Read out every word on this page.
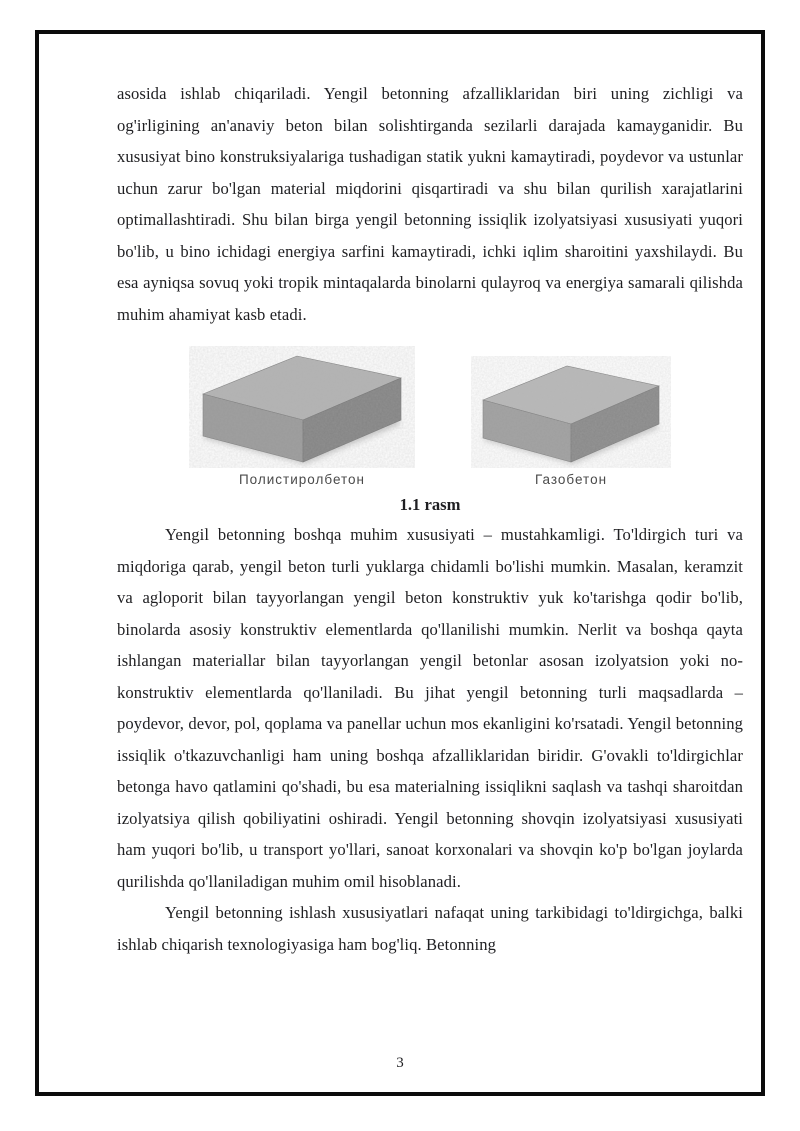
asosida ishlab chiqariladi. Yengil betonning afzalliklaridan biri uning zichligi va og'irligining an'anaviy beton bilan solishtirganda sezilarli darajada kamayganidir. Bu xususiyat bino konstruksiyalariga tushadigan statik yukni kamaytiradi, poydevor va ustunlar uchun zarur bo'lgan material miqdorini qisqartiradi va shu bilan qurilish xarajatlarini optimallashtiradi. Shu bilan birga yengil betonning issiqlik izolyatsiyasi xususiyati yuqori bo'lib, u bino ichidagi energiya sarfini kamaytiradi, ichki iqlim sharoitini yaxshilaydi. Bu esa ayniqsa sovuq yoki tropik mintaqalarda binolarni qulayroq va energiya samarali qilishda muhim ahamiyat kasb etadi.

Полистиролбетон	Газобетон
1.1 rasm

Yengil betonning boshqa muhim xususiyati – mustahkamligi. To'ldirgich turi va miqdoriga qarab, yengil beton turli yuklarga chidamli bo'lishi mumkin. Masalan, keramzit va agloporit bilan tayyorlangan yengil beton konstruktiv yuk ko'tarishga qodir bo'lib, binolarda asosiy konstruktiv elementlarda qo'llanilishi mumkin. Nerlit va boshqa qayta ishlangan materiallar bilan tayyorlangan yengil betonlar asosan izolyatsion yoki no-konstruktiv elementlarda qo'llaniladi. Bu jihat yengil betonning turli maqsadlarda – poydevor, devor, pol, qoplama va panellar uchun mos ekanligini ko'rsatadi. Yengil betonning issiqlik o'tkazuvchanligi ham uning boshqa afzalliklaridan biridir. G'ovakli to'ldirgichlar betonga havo qatlamini qo'shadi, bu esa materialning issiqlikni saqlash va tashqi sharoitdan izolyatsiya qilish qobiliyatini oshiradi. Yengil betonning shovqin izolyatsiyasi xususiyati ham yuqori bo'lib, u transport yo'llari, sanoat korxonalari va shovqin ko'p bo'lgan joylarda qurilishda qo'llaniladigan muhim omil hisoblanadi.

Yengil betonning ishlash xususiyatlari nafaqat uning tarkibidagi to'ldirgichga, balki ishlab chiqarish texnologiyasiga ham bog'liq. Betonning

3
